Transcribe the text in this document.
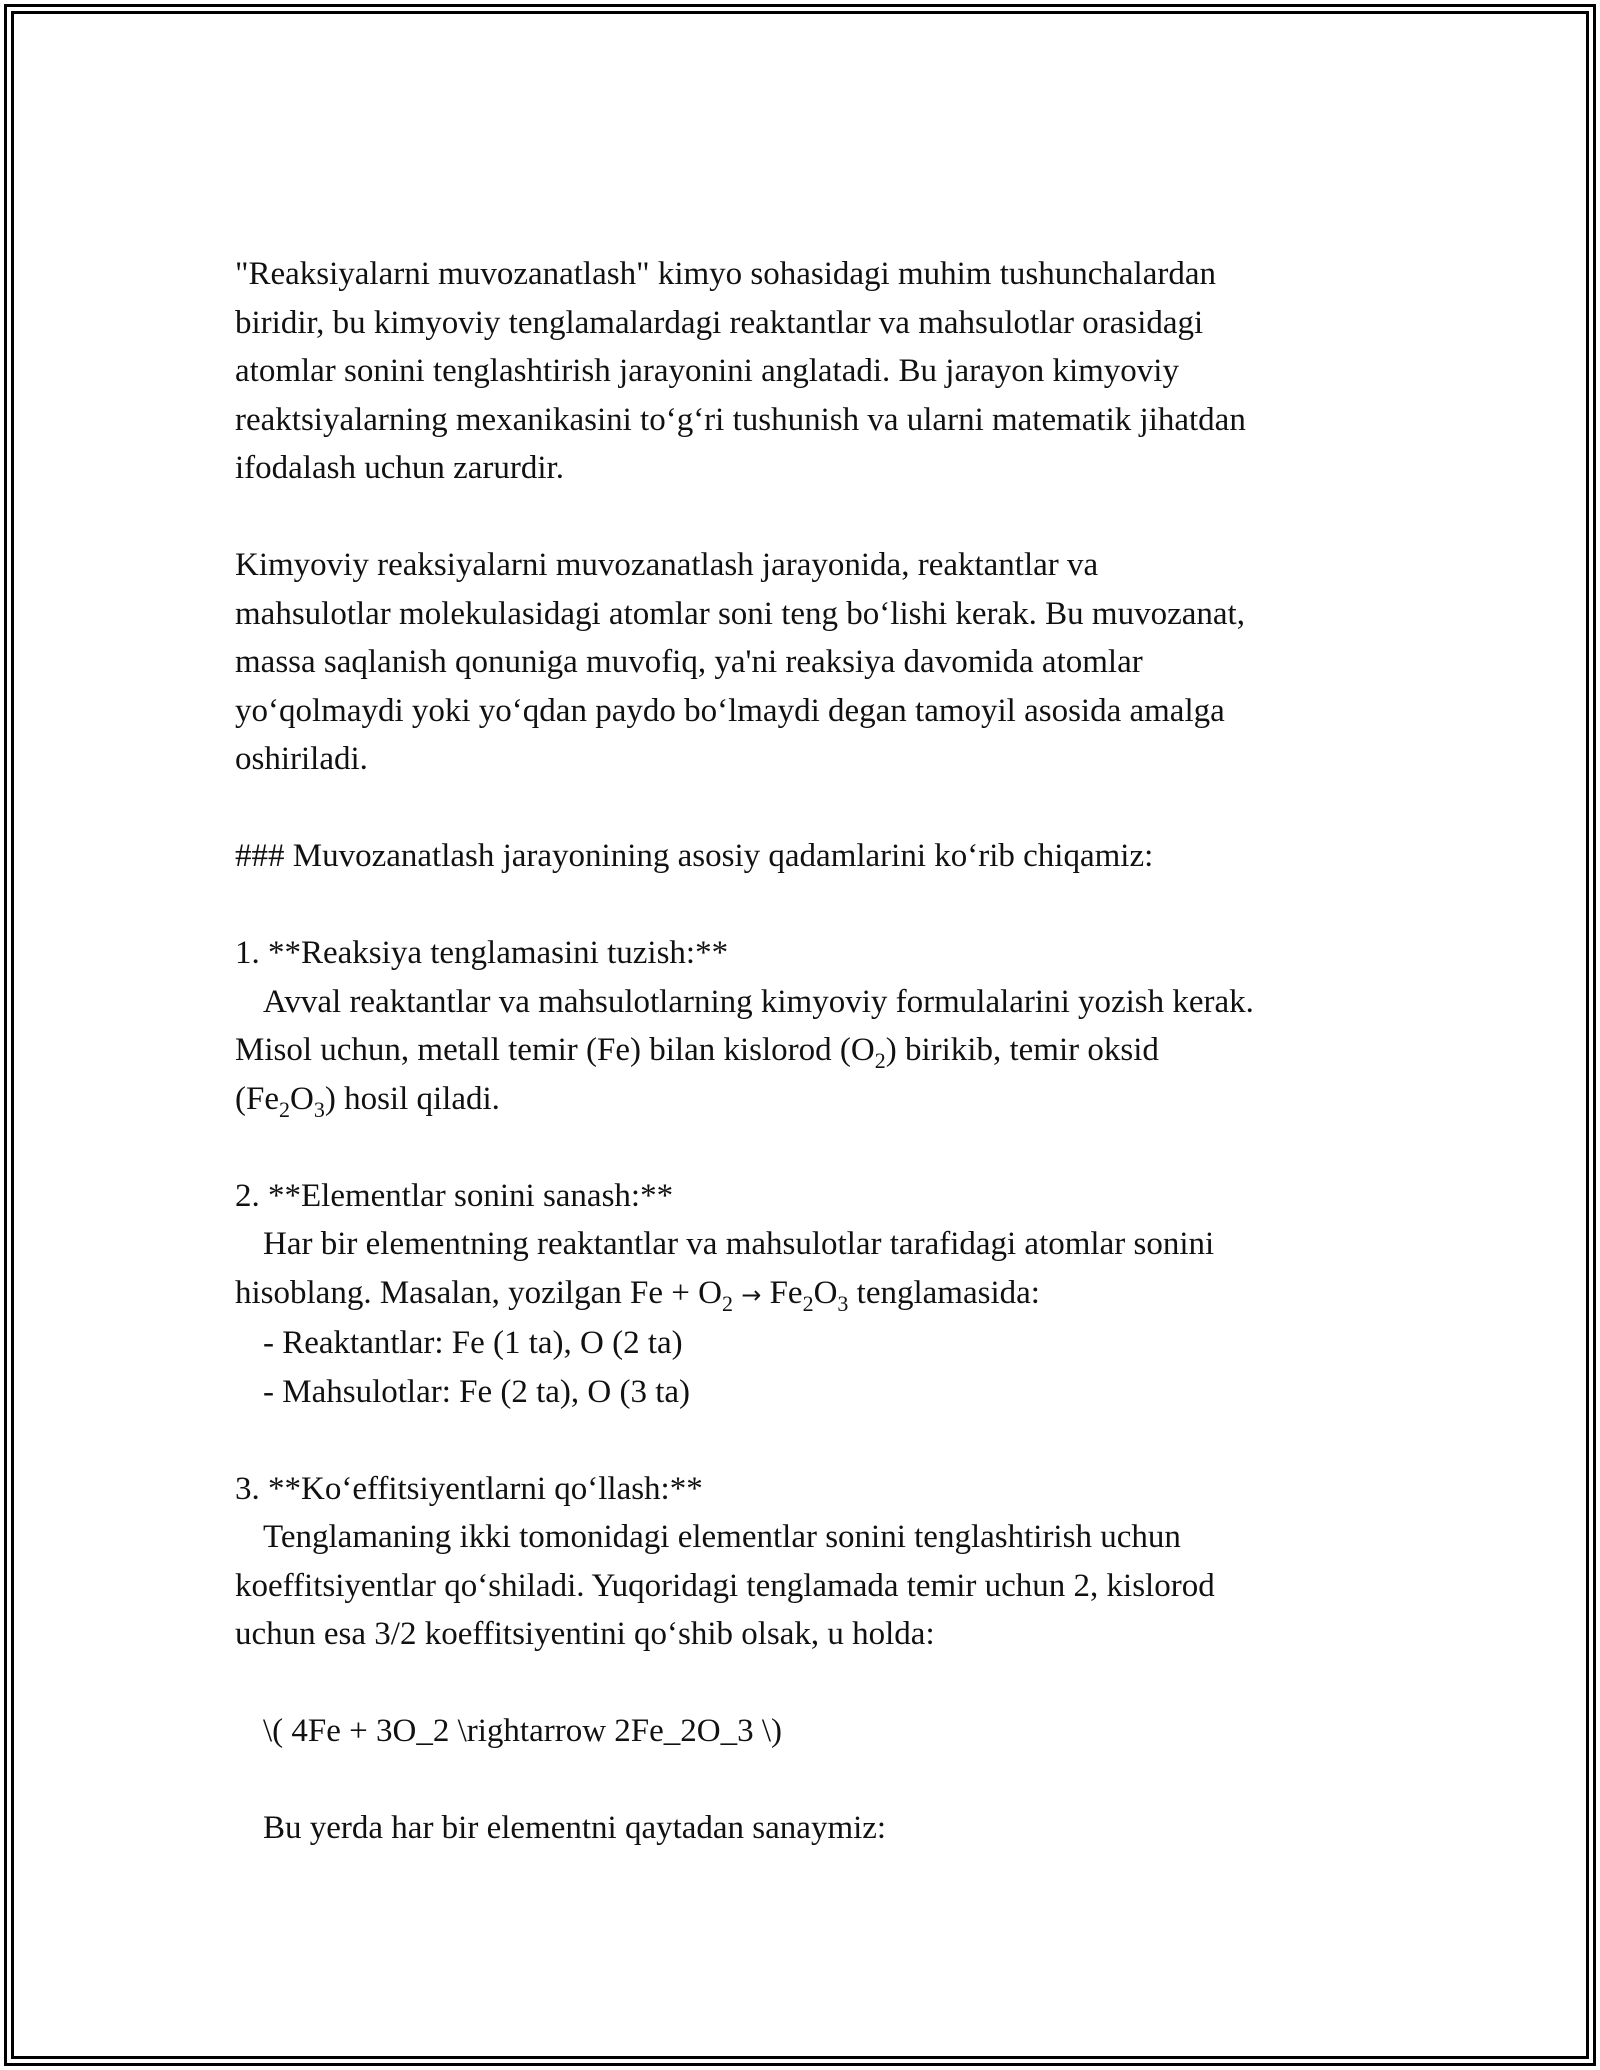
"Reaksiyalarni muvozanatlash" kimyo sohasidagi muhim tushunchalardan
biridir, bu kimyoviy tenglamalardagi reaktantlar va mahsulotlar orasidagi
atomlar sonini tenglashtirish jarayonini anglatadi. Bu jarayon kimyoviy
reaktsiyalarning mexanikasini to‘g‘ri tushunish va ularni matematik jihatdan
ifodalash uchun zarurdir.

Kimyoviy reaksiyalarni muvozanatlash jarayonida, reaktantlar va
mahsulotlar molekulasidagi atomlar soni teng bo‘lishi kerak. Bu muvozanat,
massa saqlanish qonuniga muvofiq, ya'ni reaksiya davomida atomlar
yo‘qolmaydi yoki yo‘qdan paydo bo‘lmaydi degan tamoyil asosida amalga
oshiriladi.

### Muvozanatlash jarayonining asosiy qadamlarini ko‘rib chiqamiz:

1. **Reaksiya tenglamasini tuzish:**
Avval reaktantlar va mahsulotlarning kimyoviy formulalarini yozish kerak.
Misol uchun, metall temir (Fe) bilan kislorod $(O_2)$ birikib, temir oksid
$(Fe_2O_3)$ hosil qiladi.

2. **Elementlar sonini sanash:**
Har bir elementning reaktantlar va mahsulotlar tarafidagi atomlar sonini
hisoblang. Masalan, yozilgan $Fe + O_2 \to Fe_2O_3$ tenglamasida:
- Reaktantlar: Fe (1 ta), O (2 ta)
- Mahsulotlar: Fe (2 ta), O (3 ta)

3. **Ko‘effitsiyentlarni qo‘llash:**
Tenglamaning ikki tomonidagi elementlar sonini tenglashtirish uchun
koeffitsiyentlar qo‘shiladi. Yuqoridagi tenglamada temir uchun 2, kislorod
uchun esa 3/2 koeffitsiyentini qo‘shib olsak, u holda:

\( 4Fe + 3O_2 \rightarrow 2Fe_2O_3 \)

Bu yerda har bir elementni qaytadan sanaymiz:
